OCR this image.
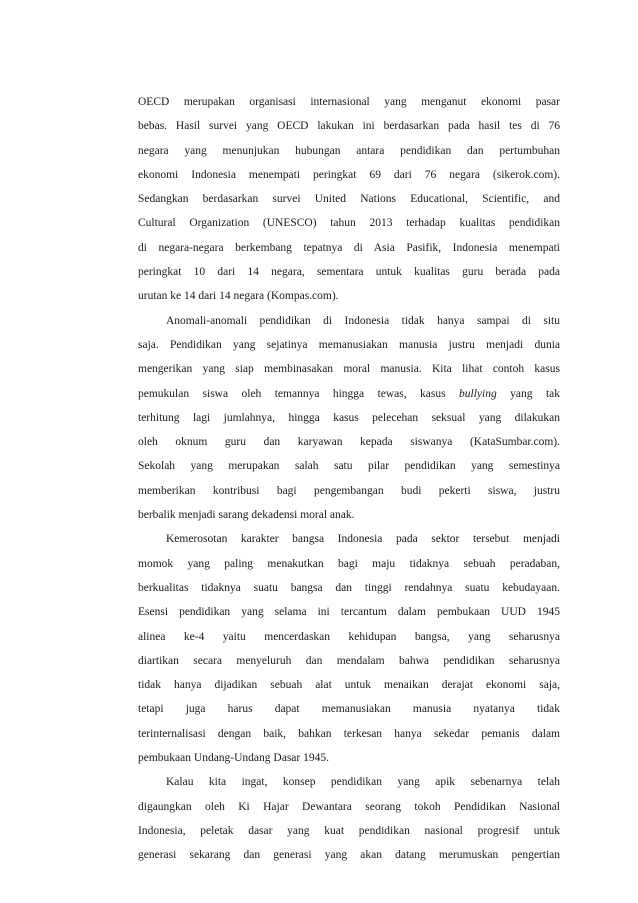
OECD merupakan organisasi internasional yang menganut ekonomi pasar
bebas. Hasil survei yang OECD lakukan ini berdasarkan pada hasil tes di 76
negara yang menunjukan hubungan antara pendidikan dan pertumbuhan
ekonomi Indonesia menempati peringkat 69 dari 76 negara (sikerok.com).
Sedangkan berdasarkan survei United Nations Educational, Scientific, and
Cultural Organization (UNESCO) tahun 2013 terhadap kualitas pendidikan
di negara-negara berkembang tepatnya di Asia Pasifik, Indonesia menempati
peringkat 10 dari 14 negara, sementara untuk kualitas guru berada pada
urutan ke 14 dari 14 negara (Kompas.com).
Anomali-anomali pendidikan di Indonesia tidak hanya sampai di situ
saja. Pendidikan yang sejatinya memanusiakan manusia justru menjadi dunia
mengerikan yang siap membinasakan moral manusia. Kita lihat contoh kasus
pemukulan siswa oleh temannya hingga tewas, kasus bullying yang tak
terhitung lagi jumlahnya, hingga kasus pelecehan seksual yang dilakukan
oleh oknum guru dan karyawan kepada siswanya (KataSumbar.com).
Sekolah yang merupakan salah satu pilar pendidikan yang semestinya
memberikan kontribusi bagi pengembangan budi pekerti siswa, justru
berbalik menjadi sarang dekadensi moral anak.
Kemerosotan karakter bangsa Indonesia pada sektor tersebut menjadi
momok yang paling menakutkan bagi maju tidaknya sebuah peradaban,
berkualitas tidaknya suatu bangsa dan tinggi rendahnya suatu kebudayaan.
Esensi pendidikan yang selama ini tercantum dalam pembukaan UUD 1945
alinea ke-4 yaitu mencerdaskan kehidupan bangsa, yang seharusnya
diartikan secara menyeluruh dan mendalam bahwa pendidikan seharusnya
tidak hanya dijadikan sebuah alat untuk menaikan derajat ekonomi saja,
tetapi juga harus dapat memanusiakan manusia nyatanya tidak
terinternalisasi dengan baik, bahkan terkesan hanya sekedar pemanis dalam
pembukaan Undang-Undang Dasar 1945.
Kalau kita ingat, konsep pendidikan yang apik sebenarnya telah
digaungkan oleh Ki Hajar Dewantara seorang tokoh Pendidikan Nasional
Indonesia, peletak dasar yang kuat pendidikan nasional progresif untuk
generasi sekarang dan generasi yang akan datang merumuskan pengertian
